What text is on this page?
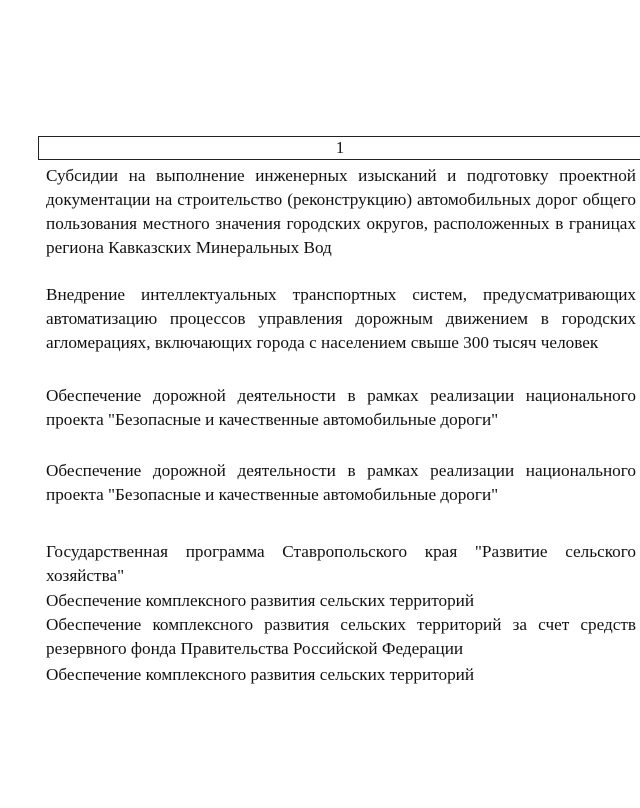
1

Субсидии на выполнение инженерных изысканий и подготовку проектной документации на строительство (реконструкцию) автомобильных дорог общего пользования местного значения городских округов, расположенных в границах региона Кавказских Минеральных Вод

Внедрение интеллектуальных транспортных систем, предусматривающих автоматизацию процессов управления дорожным движением в городских агломерациях, включающих города с населением свыше 300 тысяч человек

Обеспечение дорожной деятельности в рамках реализации национального проекта "Безопасные и качественные автомобильные дороги"

Обеспечение дорожной деятельности в рамках реализации национального проекта "Безопасные и качественные автомобильные дороги"

Государственная программа Ставропольского края "Развитие сельского хозяйства"

Обеспечение комплексного развития сельских территорий

Обеспечение комплексного развития сельских территорий за счет средств резервного фонда Правительства Российской Федерации

Обеспечение комплексного развития сельских территорий
